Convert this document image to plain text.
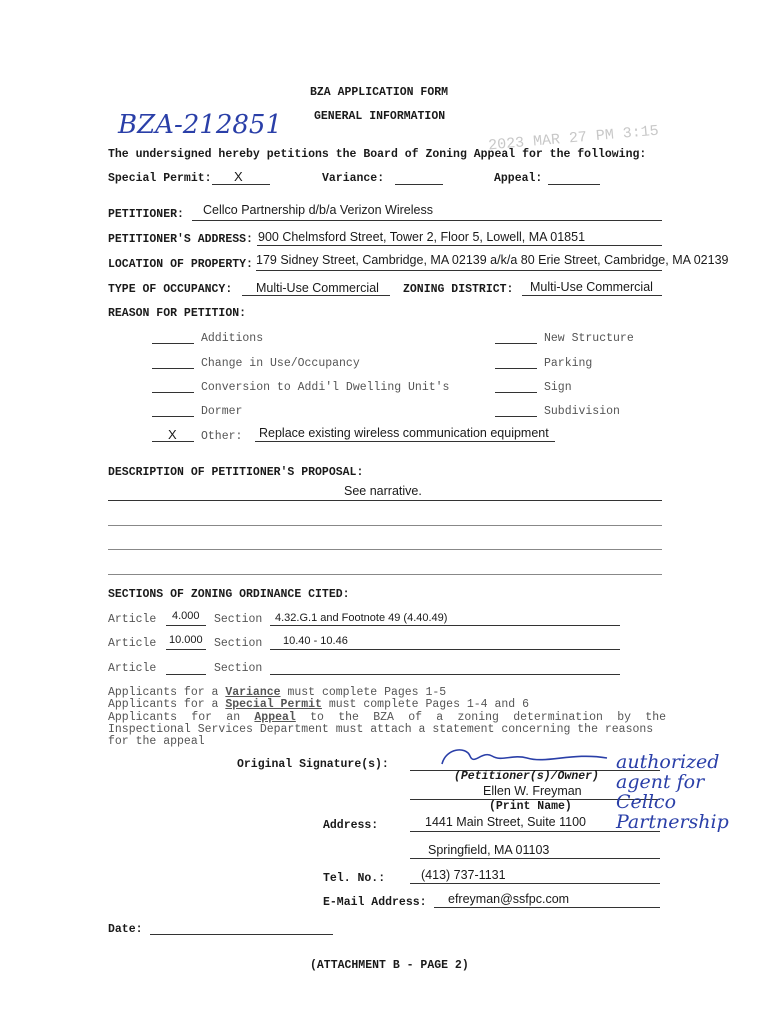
BZA APPLICATION FORM
GENERAL INFORMATION
BZA-212851	2023 MAR 27 PM 3:15
The undersigned hereby petitions the Board of Zoning Appeal for the following:
Special Permit: X	Variance:	Appeal:
PETITIONER: Cellco Partnership d/b/a Verizon Wireless
PETITIONER'S ADDRESS: 900 Chelmsford Street, Tower 2, Floor 5, Lowell, MA 01851
LOCATION OF PROPERTY: 179 Sidney Street, Cambridge, MA 02139 a/k/a 80 Erie Street, Cambridge, MA 02139
TYPE OF OCCUPANCY: Multi-Use Commercial ZONING DISTRICT: Multi-Use Commercial
REASON FOR PETITION:
Additions
Change in Use/Occupancy
Conversion to Addi'l Dwelling Unit's
Dormer
New Structure
Parking
Sign
Subdivision
X Other: Replace existing wireless communication equipment
DESCRIPTION OF PETITIONER'S PROPOSAL:
See narrative.
SECTIONS OF ZONING ORDINANCE CITED:
Article 4.000 Section 4.32.G.1 and Footnote 49 (4.40.49)
Article 10.000 Section 10.40 - 10.46
Article	Section
Applicants for a Variance must complete Pages 1-5
Applicants for a Special Permit must complete Pages 1-4 and 6
Applicants for an Appeal to the BZA of a zoning determination by the
Inspectional Services Department must attach a statement concerning the reasons
for the appeal
Original Signature(s):
(Petitioner(s)/Owner)
Ellen W. Freyman
(Print Name)
authorized agent for Cellco Partnership
Address:	1441 Main Street, Suite 1100
Springfield, MA 01103
Tel. No.:	(413) 737-1131
E-Mail Address: efreyman@ssfpc.com
Date:
(ATTACHMENT B - PAGE 2)
